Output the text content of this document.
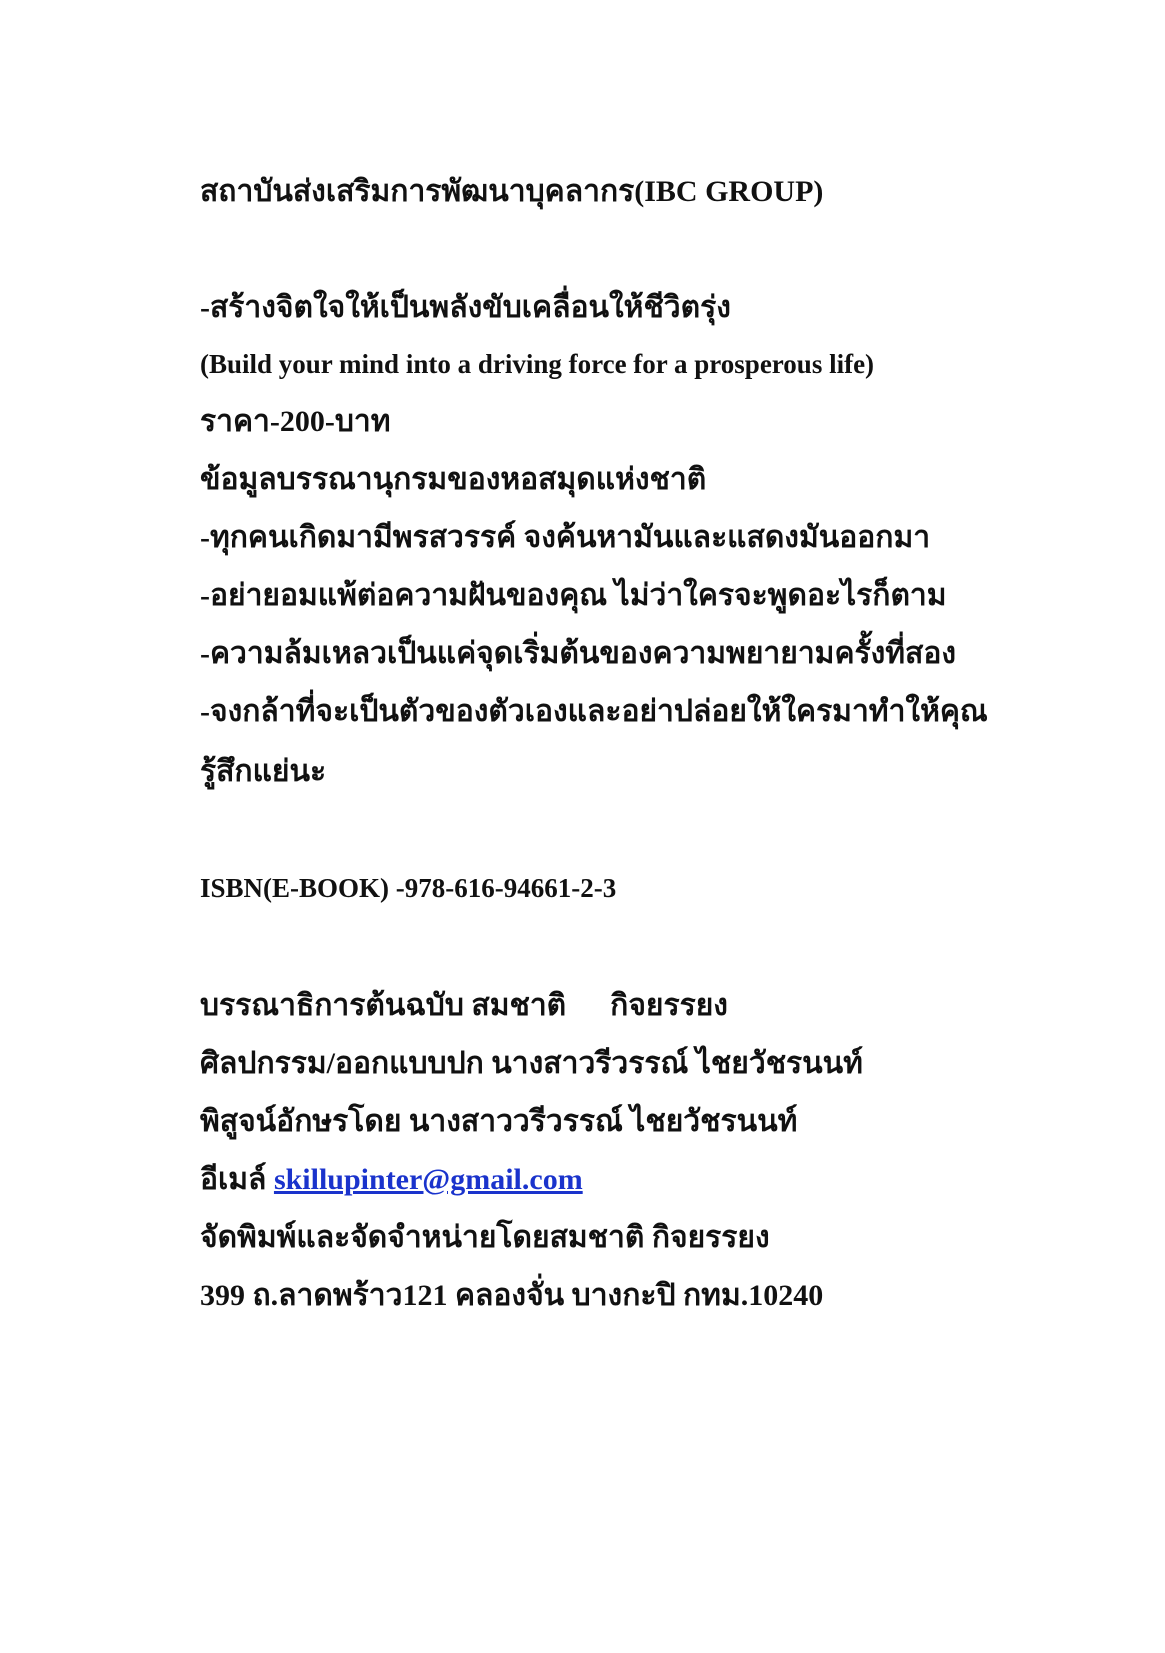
สถาบันส่งเสริมการพัฒนาบุคลากร(IBC GROUP)
-สร้างจิตใจให้เป็นพลังขับเคลื่อนให้ชีวิตรุ่ง
(Build your mind into a driving force for a prosperous life)
ราคา-200-บาท
ข้อมูลบรรณานุกรมของหอสมุดแห่งชาติ
-ทุกคนเกิดมามีพรสวรรค์ จงค้นหามันและแสดงมันออกมา
-อย่ายอมแพ้ต่อความฝันของคุณ ไม่ว่าใครจะพูดอะไรก็ตาม
-ความล้มเหลวเป็นแค่จุดเริ่มต้นของความพยายามครั้งที่สอง
-จงกล้าที่จะเป็นตัวของตัวเองและอย่าปล่อยให้ใครมาทำให้คุณ
รู้สึกแย่นะ
ISBN(E-BOOK) -978-616-94661-2-3
บรรณาธิการต้นฉบับ สมชาติ กิจยรรยง
ศิลปกรรม/ออกแบบปก นางสาวรีวรรณ์ ไชยวัชรนนท์
พิสูจน์อักษรโดย นางสาววรีวรรณ์ ไชยวัชรนนท์
อีเมล์ skillupinter@gmail.com
จัดพิมพ์และจัดจำหน่ายโดยสมชาติ กิจยรรยง
399 ถ.ลาดพร้าว121 คลองจั่น บางกะปิ กทม.10240
